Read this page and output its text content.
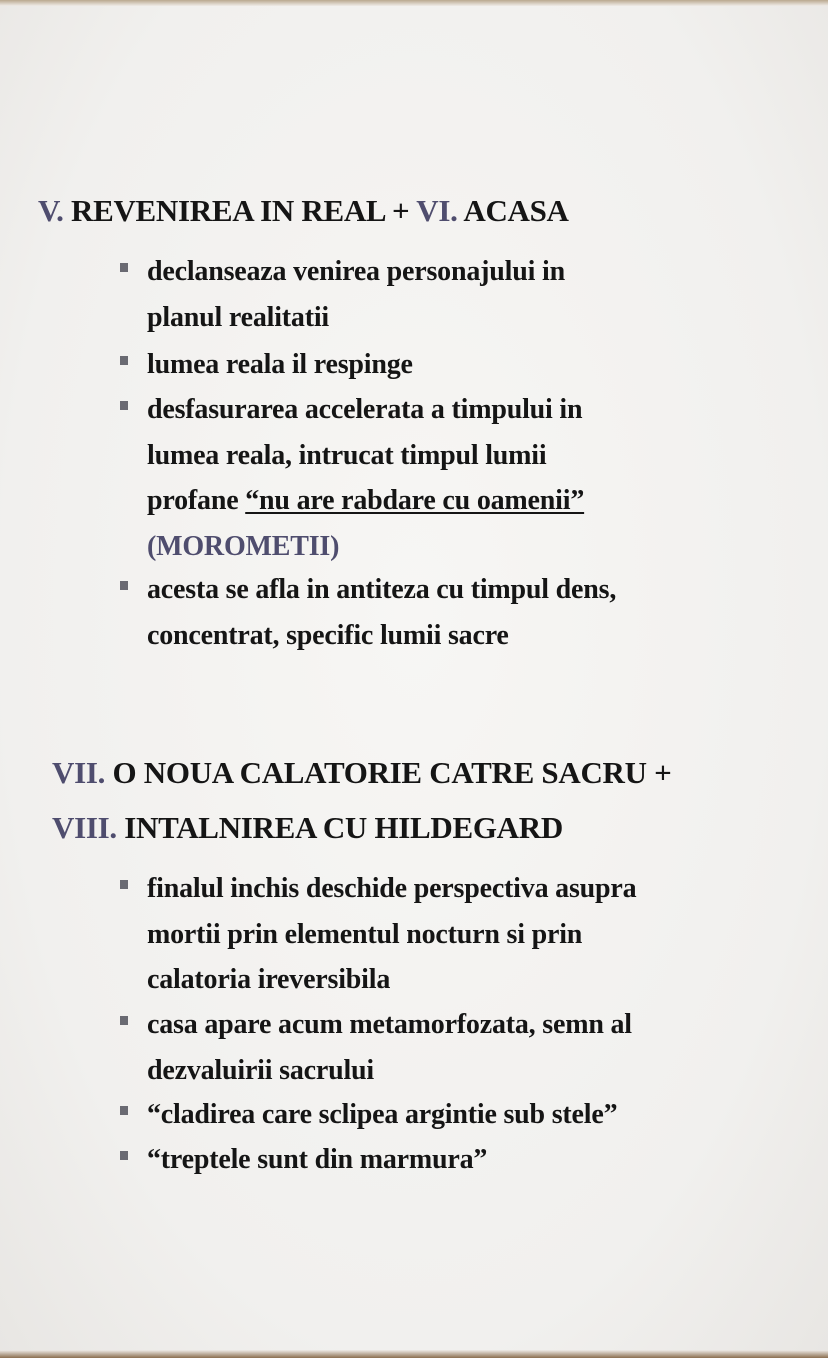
V. REVENIREA IN REAL + VI. ACASA
declanseaza venirea personajului in
planul realitatii
lumea reala il respinge
desfasurarea accelerata a timpului in
lumea reala, intrucat timpul lumii
profane “nu are rabdare cu oamenii”
(MOROMETII)
acesta se afla in antiteza cu timpul dens,
concentrat, specific lumii sacre
VII. O NOUA CALATORIE CATRE SACRU +
VIII. INTALNIREA CU HILDEGARD
finalul inchis deschide perspectiva asupra
mortii prin elementul nocturn si prin
calatoria ireversibila
casa apare acum metamorfozata, semn al
dezvaluirii sacrului
“cladirea care sclipea argintie sub stele”
“treptele sunt din marmura”
